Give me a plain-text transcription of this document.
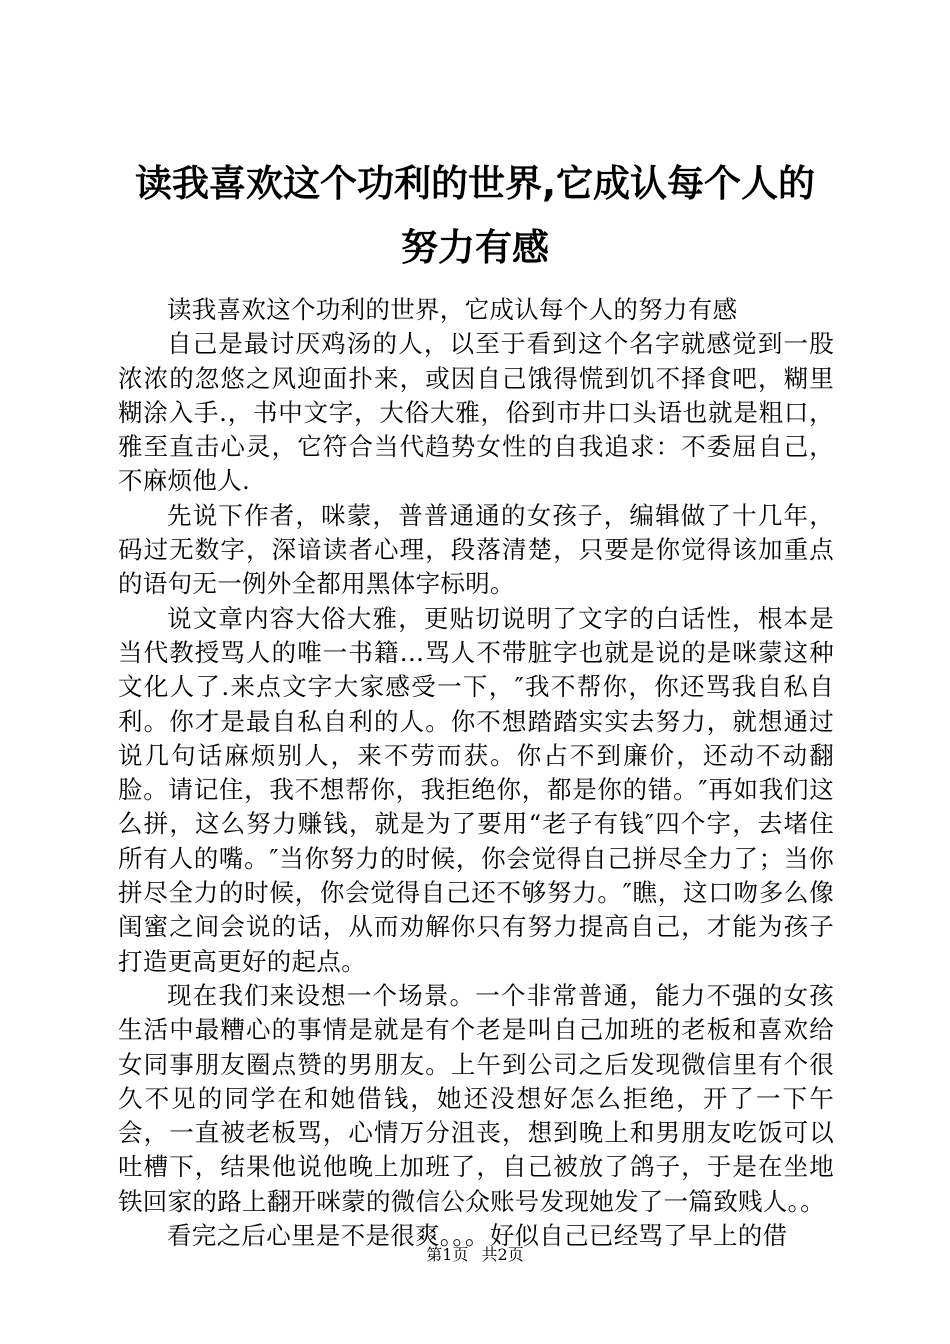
读我喜欢这个功利的世界,它成认每个人的努力有感

读我喜欢这个功利的世界，它成认每个人的努力有感

自己是最讨厌鸡汤的人，以至于看到这个名字就感觉到一股浓浓的忽悠之风迎面扑来，或因自己饿得慌到饥不择食吧，糊里糊涂入手.，书中文字，大俗大雅，俗到市井口头语也就是粗口，雅至直击心灵，它符合当代趋势女性的自我追求：不委屈自己，不麻烦他人.

先说下作者，咪蒙，普普通通的女孩子，编辑做了十几年，码过无数字，深谙读者心理，段落清楚，只要是你觉得该加重点的语句无一例外全都用黑体字标明。

说文章内容大俗大雅，更贴切说明了文字的白话性，根本是当代教授骂人的唯一书籍…骂人不带脏字也就是说的是咪蒙这种文化人了.来点文字大家感受一下，″我不帮你，你还骂我自私自利。你才是最自私自利的人。你不想踏踏实实去努力，就想通过说几句话麻烦别人，来不劳而获。你占不到廉价，还动不动翻脸。请记住，我不想帮你，我拒绝你，都是你的错。″再如我们这么拼，这么努力赚钱，就是为了要用“老子有钱″四个字，去堵住所有人的嘴。″当你努力的时候，你会觉得自己拼尽全力了；当你拼尽全力的时候，你会觉得自己还不够努力。″瞧，这口吻多么像闺蜜之间会说的话，从而劝解你只有努力提高自己，才能为孩子打造更高更好的起点。

现在我们来设想一个场景。一个非常普通，能力不强的女孩生活中最糟心的事情是就是有个老是叫自己加班的老板和喜欢给女同事朋友圈点赞的男朋友。上午到公司之后发现微信里有个很久不见的同学在和她借钱，她还没想好怎么拒绝，开了一下午会，一直被老板骂，心情万分沮丧，想到晚上和男朋友吃饭可以吐槽下，结果他说他晚上加班了，自己被放了鸽子，于是在坐地铁回家的路上翻开咪蒙的微信公众账号发现她发了一篇致贱人。。

看完之后心里是不是很爽。。。好似自己已经骂了早上的借

第1页 共2页
